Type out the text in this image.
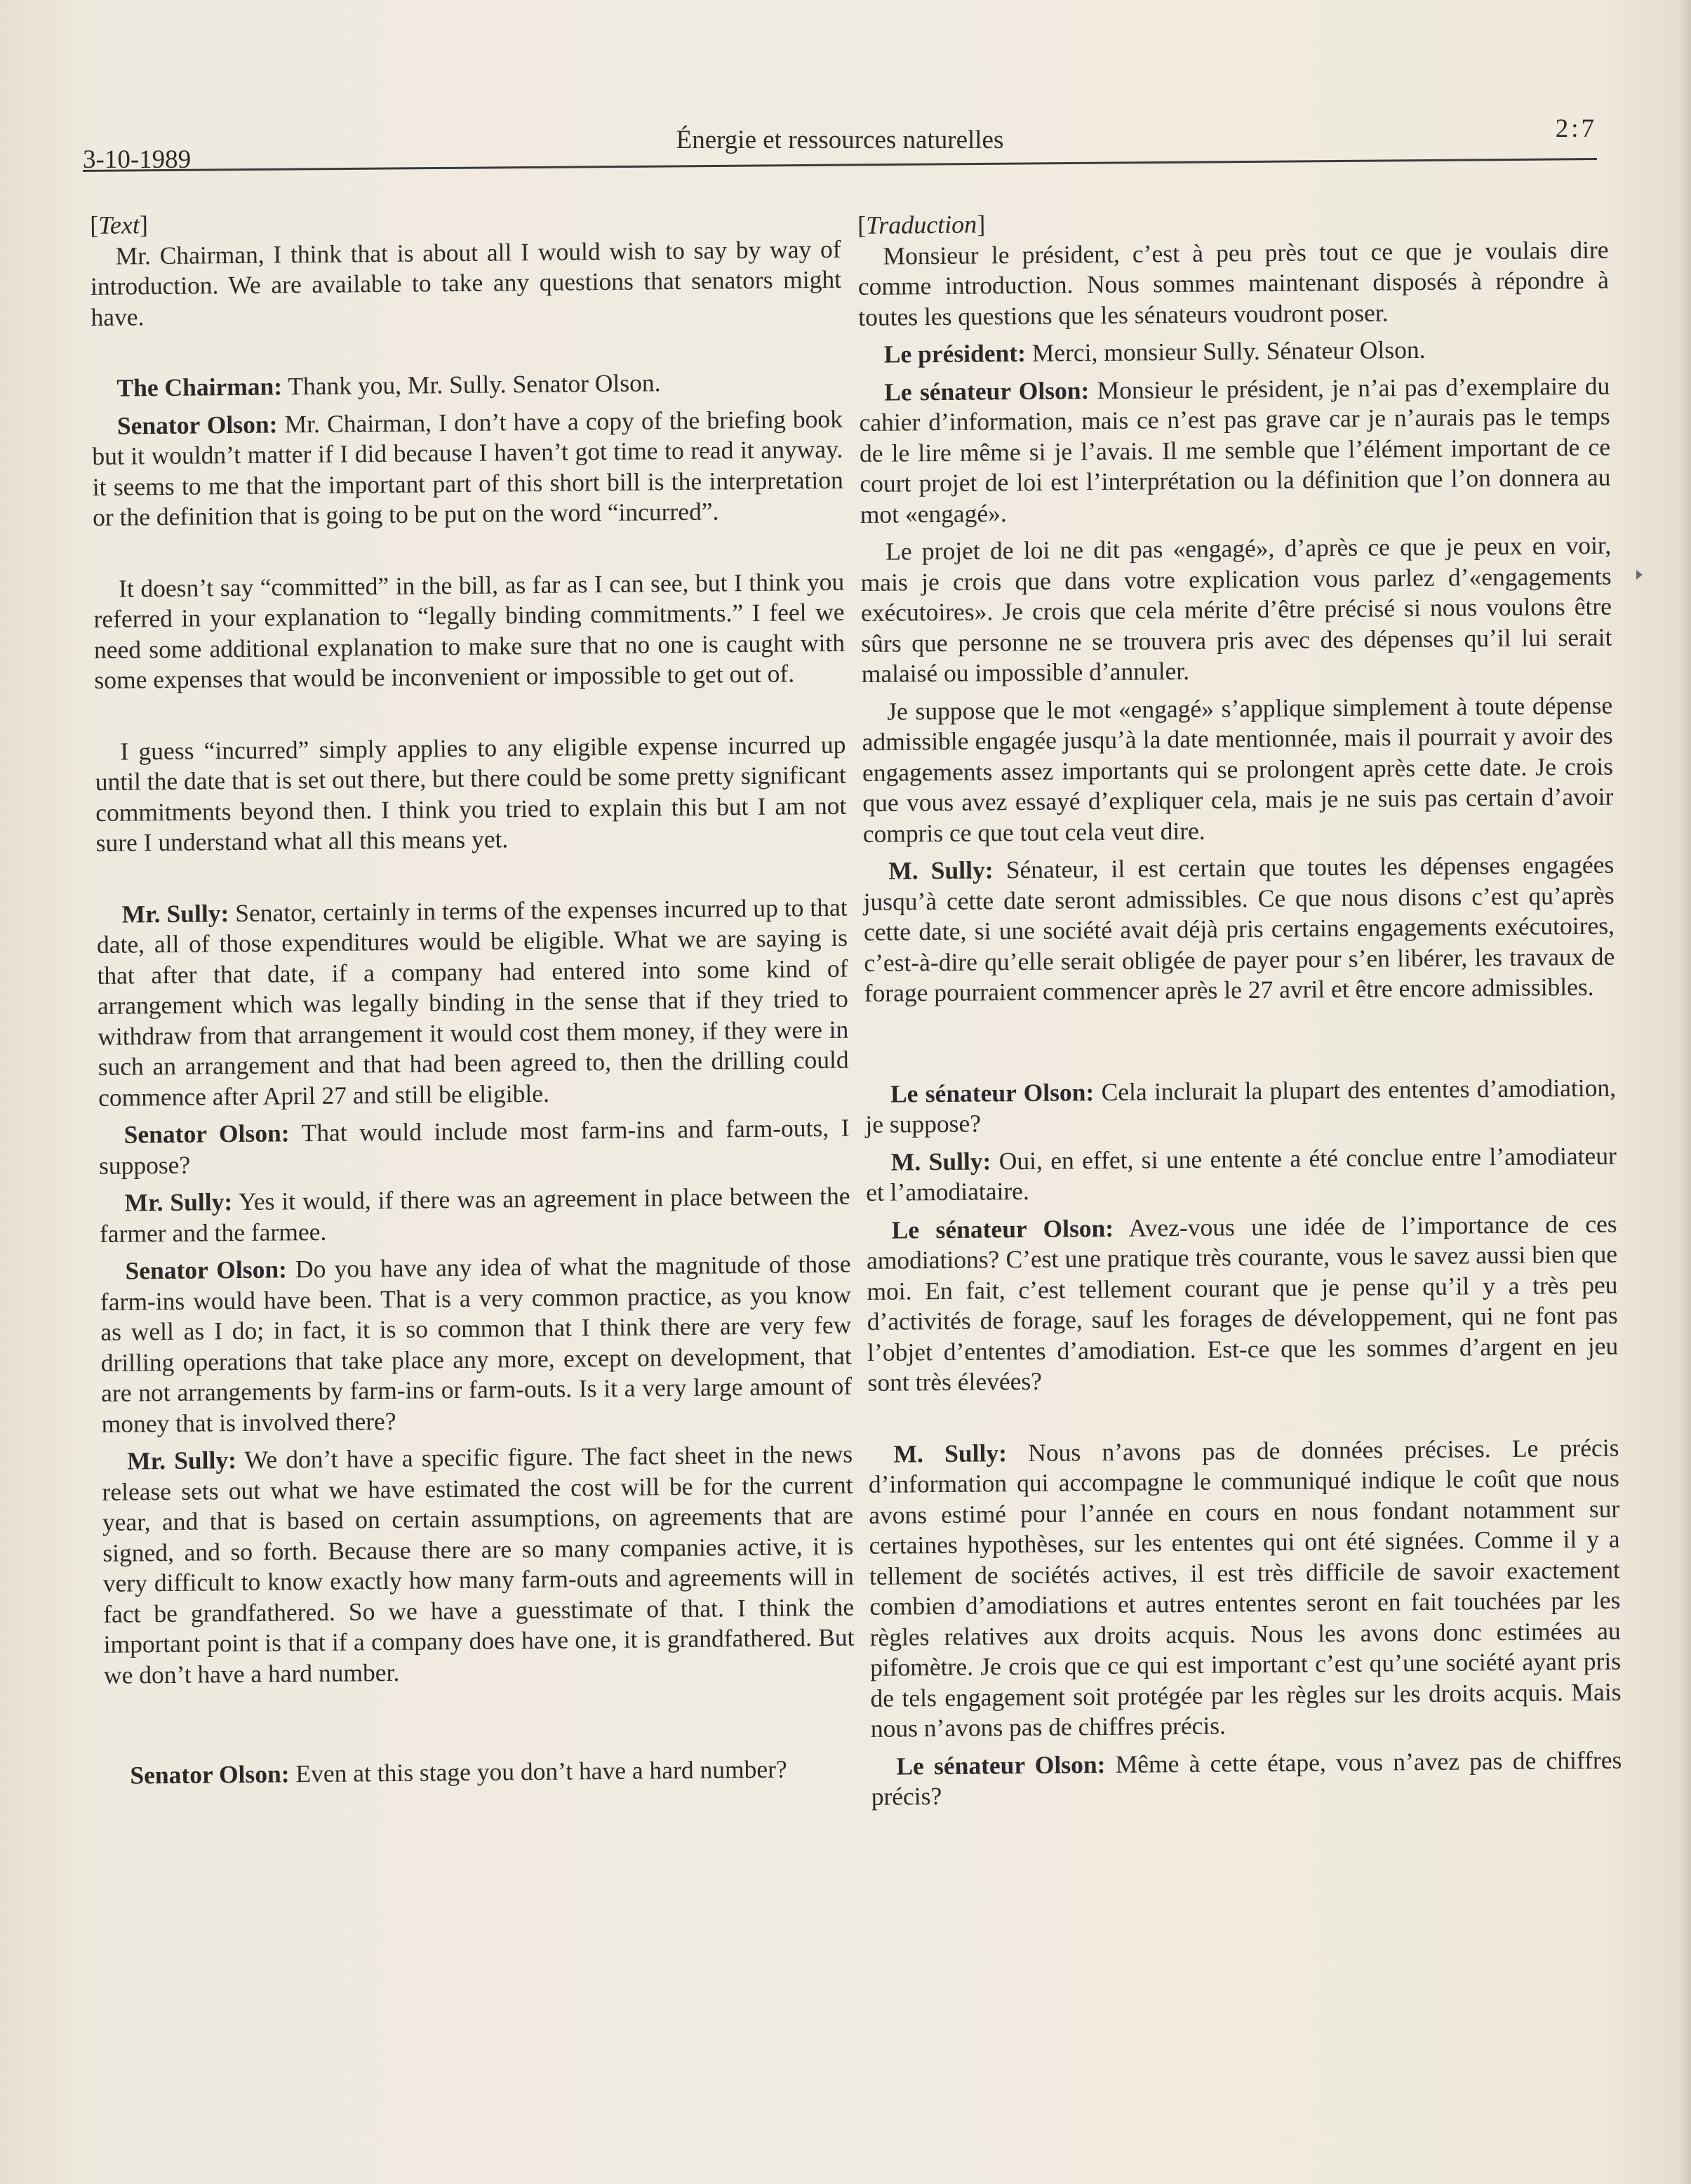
3-10-1989
Énergie et ressources naturelles	2:7

[Text]

Mr. Chairman, I think that is about all I would wish to say by way of introduction. We are available to take any questions that senators might have.

The Chairman: Thank you, Mr. Sully. Senator Olson.

Senator Olson: Mr. Chairman, I don’t have a copy of the briefing book but it wouldn’t matter if I did because I haven’t got time to read it anyway. it seems to me that the important part of this short bill is the interpretation or the definition that is going to be put on the word “incurred”.

It doesn’t say “committed” in the bill, as far as I can see, but I think you referred in your explanation to “legally binding commitments.” I feel we need some additional explanation to make sure that no one is caught with some expenses that would be inconvenient or impossible to get out of.

I guess “incurred” simply applies to any eligible expense incurred up until the date that is set out there, but there could be some pretty significant commitments beyond then. I think you tried to explain this but I am not sure I understand what all this means yet.

Mr. Sully: Senator, certainly in terms of the expenses incurred up to that date, all of those expenditures would be eligible. What we are saying is that after that date, if a company had entered into some kind of arrangement which was legally binding in the sense that if they tried to withdraw from that arrangement it would cost them money, if they were in such an arrangement and that had been agreed to, then the drilling could commence after April 27 and still be eligible.

Senator Olson: That would include most farm-ins and farm-outs, I suppose?

Mr. Sully: Yes it would, if there was an agreement in place between the farmer and the farmee.

Senator Olson: Do you have any idea of what the magnitude of those farm-ins would have been. That is a very common practice, as you know as well as I do; in fact, it is so common that I think there are very few drilling operations that take place any more, except on development, that are not arrangements by farm-ins or farm-outs. Is it a very large amount of money that is involved there?

Mr. Sully: We don’t have a specific figure. The fact sheet in the news release sets out what we have estimated the cost will be for the current year, and that is based on certain assumptions, on agreements that are signed, and so forth. Because there are so many companies active, it is very difficult to know exactly how many farm-outs and agreements will in fact be grandfathered. So we have a guesstimate of that. I think the important point is that if a company does have one, it is grandfathered. But we don’t have a hard number.

Senator Olson: Even at this stage you don’t have a hard number?

[Traduction]

Monsieur le président, c’est à peu près tout ce que je voulais dire comme introduction. Nous sommes maintenant disposés à répondre à toutes les questions que les sénateurs voudront poser.

Le président: Merci, monsieur Sully. Sénateur Olson.

Le sénateur Olson: Monsieur le président, je n’ai pas d’exemplaire du cahier d’information, mais ce n’est pas grave car je n’aurais pas le temps de le lire même si je l’avais. Il me semble que l’élément important de ce court projet de loi est l’interprétation ou la définition que l’on donnera au mot «engagé».

Le projet de loi ne dit pas «engagé», d’après ce que je peux en voir, mais je crois que dans votre explication vous parlez d’«engagements exécutoires». Je crois que cela mérite d’être précisé si nous voulons être sûrs que personne ne se trouvera pris avec des dépenses qu’il lui serait malaisé ou impossible d’annuler.

Je suppose que le mot «engagé» s’applique simplement à toute dépense admissible engagée jusqu’à la date mentionnée, mais il pourrait y avoir des engagements assez importants qui se prolongent après cette date. Je crois que vous avez essayé d’expliquer cela, mais je ne suis pas certain d’avoir compris ce que tout cela veut dire.

M. Sully: Sénateur, il est certain que toutes les dépenses engagées jusqu’à cette date seront admissibles. Ce que nous disons c’est qu’après cette date, si une société avait déjà pris certains engagements exécutoires, c’est-à-dire qu’elle serait obligée de payer pour s’en libérer, les travaux de forage pourraient commencer après le 27 avril et être encore admissibles.

Le sénateur Olson: Cela inclurait la plupart des ententes d’amodiation, je suppose?

M. Sully: Oui, en effet, si une entente a été conclue entre l’amodiateur et l’amodiataire.

Le sénateur Olson: Avez-vous une idée de l’importance de ces amodiations? C’est une pratique très courante, vous le savez aussi bien que moi. En fait, c’est tellement courant que je pense qu’il y a très peu d’activités de forage, sauf les forages de développement, qui ne font pas l’objet d’ententes d’amodiation. Est-ce que les sommes d’argent en jeu sont très élevées?

M. Sully: Nous n’avons pas de données précises. Le précis d’information qui accompagne le communiqué indique le coût que nous avons estimé pour l’année en cours en nous fondant notamment sur certaines hypothèses, sur les ententes qui ont été signées. Comme il y a tellement de sociétés actives, il est très difficile de savoir exactement combien d’amodiations et autres ententes seront en fait touchées par les règles relatives aux droits acquis. Nous les avons donc estimées au pifomètre. Je crois que ce qui est important c’est qu’une société ayant pris de tels engagement soit protégée par les règles sur les droits acquis. Mais nous n’avons pas de chiffres précis.

Le sénateur Olson: Même à cette étape, vous n’avez pas de chiffres précis?
